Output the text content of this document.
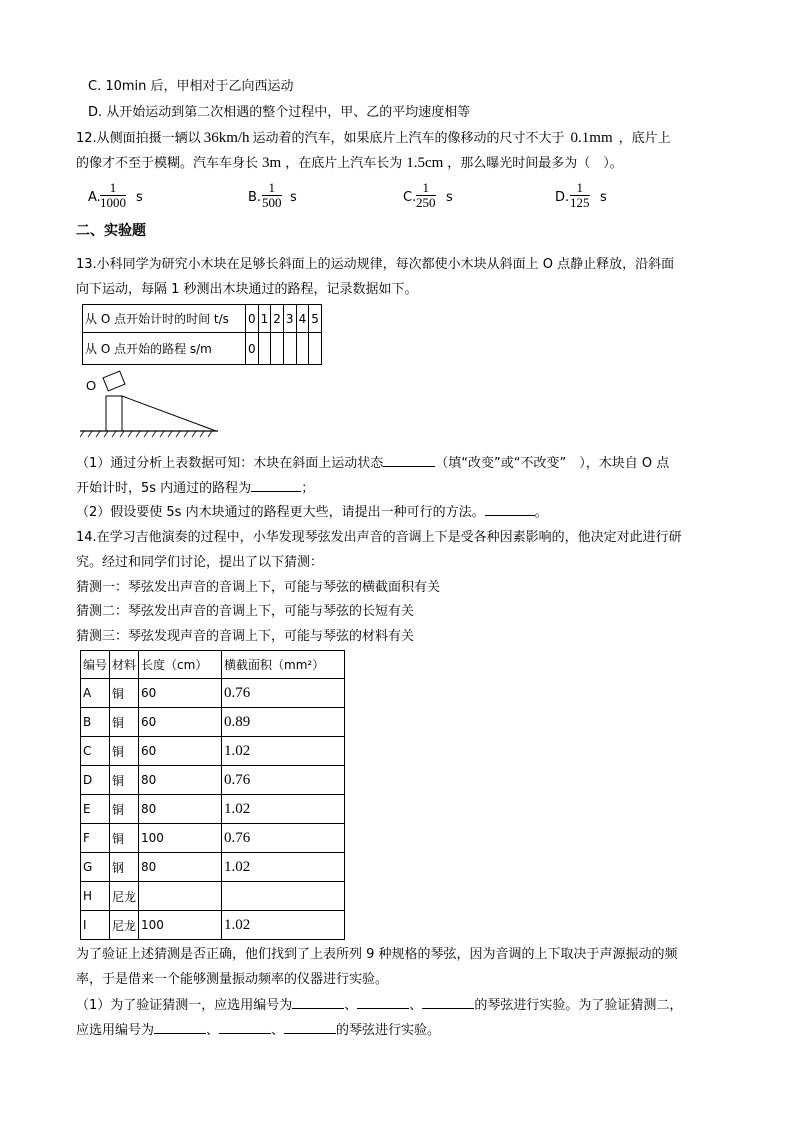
C. 10min 后，甲相对于乙向西运动
D. 从开始运动到第二次相遇的整个过程中，甲、乙的平均速度相等
12.从侧面拍摄一辆以 36km/h 运动着的汽车，如果底片上汽车的像移动的尺寸不大于 0.1mm ，底片上
的像才不至于模糊。汽车车身长 3m ，在底片上汽车长为 1.5cm ，那么曝光时间最多为（　）。
A. $\frac{1}{1000}$ s	B. $\frac{1}{500}$ s	C. $\frac{1}{250}$ s	D. $\frac{1}{125}$ s
二、实验题
13.小科同学为研究小木块在足够长斜面上的运动规律，每次都使小木块从斜面上 O 点静止释放，沿斜面
向下运动，每隔 1 秒测出木块通过的路程，记录数据如下。
从 O 点开始计时的时间 t/s	0	1	2	3	4	5
从 O 点开始的路程 s/m	0					
O
（1）通过分析上表数据可知：木块在斜面上运动状态	（填“改变”或“不改变”　），木块自 O 点
开始计时，5s 内通过的路程为	；
（2）假设要使 5s 内木块通过的路程更大些，请提出一种可行的方法。	。
14.在学习吉他演奏的过程中，小华发现琴弦发出声音的音调上下是受各种因素影响的，他决定对此进行研
究。经过和同学们讨论，提出了以下猜测：
猜测一：琴弦发出声音的音调上下，可能与琴弦的横截面积有关
猜测二：琴弦发出声音的音调上下，可能与琴弦的长短有关
猜测三：琴弦发现声音的音调上下，可能与琴弦的材料有关
编号	材料	长度（cm）	横截面积（mm²）
A	铜	60	0.76
B	铜	60	0.89
C	铜	60	1.02
D	铜	80	0.76
E	铜	80	1.02
F	铜	100	0.76
G	钢	80	1.02
H	尼龙		
I	尼龙	100	1.02
为了验证上述猜测是否正确，他们找到了上表所列 9 种规格的琴弦，因为音调的上下取决于声源振动的频
率，于是借来一个能够测量振动频率的仪器进行实验。
（1）为了验证猜测一，应选用编号为	、	、	的琴弦进行实验。为了验证猜测二，
应选用编号为	、	、	的琴弦进行实验。
